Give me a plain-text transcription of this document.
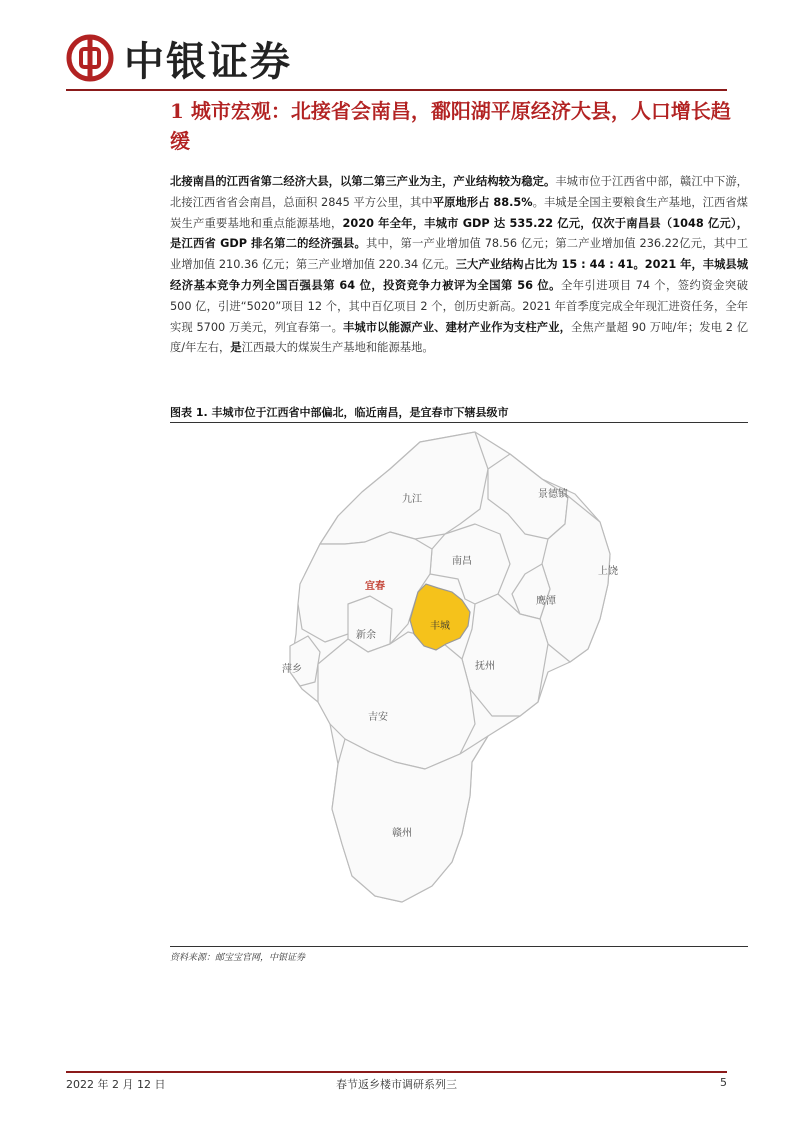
中银证券
1 城市宏观：北接省会南昌，鄱阳湖平原经济大县，人口增长趋缓
北接南昌的江西省第二经济大县，以第二第三产业为主，产业结构较为稳定。丰城市位于江西省中部，赣江中下游，北接江西省省会南昌，总面积 2845 平方公里，其中平原地形占 88.5%。丰城是全国主要粮食生产基地，江西省煤炭生产重要基地和重点能源基地，2020 年全年，丰城市 GDP 达 535.22 亿元，仅次于南昌县（1048 亿元），是江西省 GDP 排名第二的经济强县。其中，第一产业增加值 78.56 亿元；第二产业增加值 236.22亿元，其中工业增加值 210.36 亿元；第三产业增加值 220.34 亿元。三大产业结构占比为 15 : 44 : 41。2021 年，丰城县城经济基本竞争力列全国百强县第 64 位，投资竞争力被评为全国第 56 位。全年引进项目 74 个，签约资金突破 500 亿，引进“5020”项目 12 个，其中百亿项目 2 个，创历史新高。2021 年首季度完成全年现汇进资任务，全年实现 5700 万美元，列宜春第一。丰城市以能源产业、建材产业作为支柱产业，全焦产量超 90 万吨/年；发电 2 亿度/年左右，是江西最大的煤炭生产基地和能源基地。
图表 1. 丰城市位于江西省中部偏北，临近南昌，是宜春市下辖县级市
九江	景德镇
南昌
上饶
宜春
鹰潭
丰城
新余
抚州
萍乡
吉安
赣州
资料来源：邮宝宝官网，中银证券
2022 年 2 月 12 日	春节返乡楼市调研系列三	5
